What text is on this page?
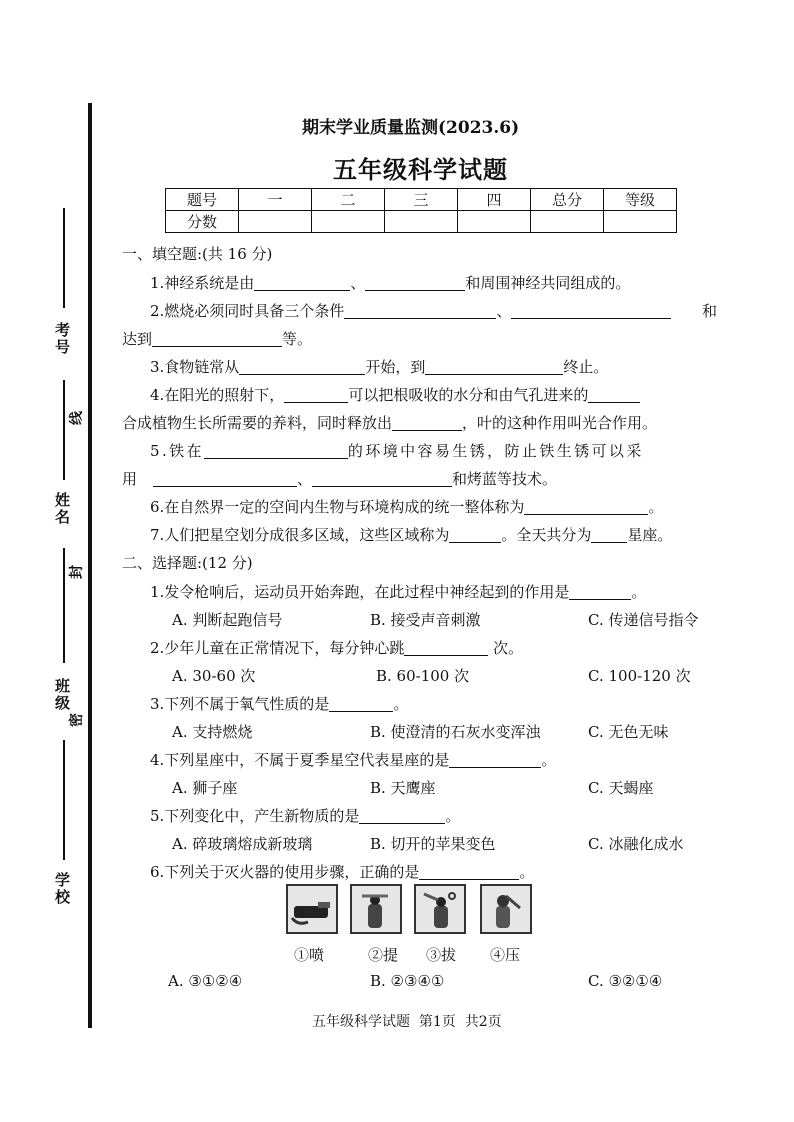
考号
姓名
班级
学校
线
封
密
期末学业质量监测(2023.6)
五年级科学试题
题号	一	二	三	四	总分	等级
分数						
一、填空题:(共 16 分)
1.神经系统是由	、	和周围神经共同组成的。
2.燃烧必须同时具备三个条件	、	和
达到	等。
3.食物链常从	开始，到	终止。
4.在阳光的照射下，	可以把根吸收的水分和由气孔进来的
合成植物生长所需要的养料，同时释放出	，叶的这种作用叫光合作用。
5.铁在	的环境中容易生锈，防止铁生锈可以采
用	、	和烤蓝等技术。
6.在自然界一定的空间内生物与环境构成的统一整体称为	。
7.人们把星空划分成很多区域，这些区域称为	。全天共分为 星座。
二、选择题:(12 分)
1.发令枪响后，运动员开始奔跑，在此过程中神经起到的作用是	。
A. 判断起跑信号	B. 接受声音刺激	C. 传递信号指令
2.少年儿童在正常情况下，每分钟心跳	次。
A. 30-60 次	B. 60-100 次	C. 100-120 次
3.下列不属于氧气性质的是	。
A. 支持燃烧	B. 使澄清的石灰水变浑浊	C. 无色无味
4.下列星座中，不属于夏季星空代表星座的是	。
A. 狮子座	B. 天鹰座	C. 天蝎座
5.下列变化中，产生新物质的是	。
A. 碎玻璃熔成新玻璃	B. 切开的苹果变色	C. 冰融化成水
6.下列关于灭火器的使用步骤，正确的是	。
①喷	②提 ③拔 ④压
A. ③①②④	B. ②③④①	C. ③②①④
五年级科学试题  第1页  共2页
